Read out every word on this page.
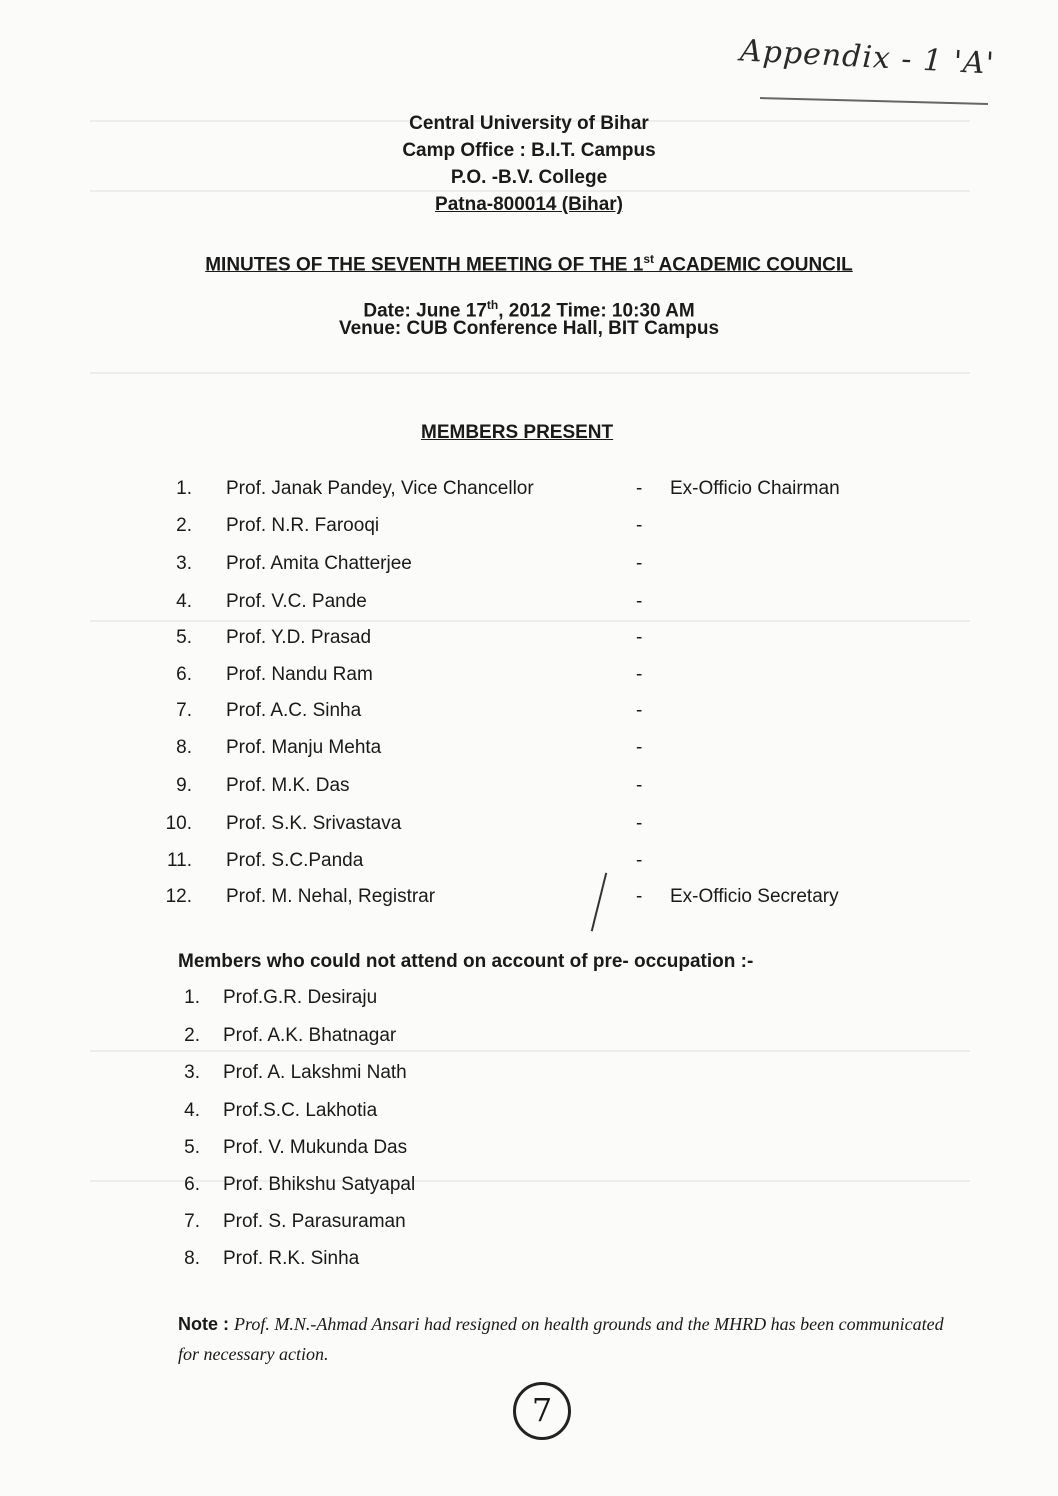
Appendix - 1 'A'
Central University of Bihar
Camp Office : B.I.T. Campus
P.O. -B.V. College
Patna-800014 (Bihar)
MINUTES OF THE SEVENTH MEETING OF THE 1st ACADEMIC COUNCIL
Date: June 17th, 2012 Time: 10:30 AM
Venue: CUB Conference Hall, BIT Campus
MEMBERS PRESENT
1. Prof. Janak Pandey, Vice Chancellor	- Ex-Officio Chairman
2. Prof. N.R. Farooqi	-
3. Prof. Amita Chatterjee	-
4. Prof. V.C. Pande	-
5. Prof. Y.D. Prasad	-
6. Prof. Nandu Ram	-
7. Prof. A.C. Sinha	-
8. Prof. Manju Mehta	-
9. Prof. M.K. Das	-
10. Prof. S.K. Srivastava	-
11. Prof. S.C.Panda	-
12. Prof. M. Nehal, Registrar	- Ex-Officio Secretary
Members who could not attend on account of pre- occupation :-
1. Prof.G.R. Desiraju
2. Prof. A.K. Bhatnagar
3. Prof. A. Lakshmi Nath
4. Prof.S.C. Lakhotia
5. Prof. V. Mukunda Das
6. Prof. Bhikshu Satyapal
7. Prof. S. Parasuraman
8. Prof. R.K. Sinha
Note : Prof. M.N.-Ahmad Ansari had resigned on health grounds and the MHRD has been communicated for necessary action.
7
